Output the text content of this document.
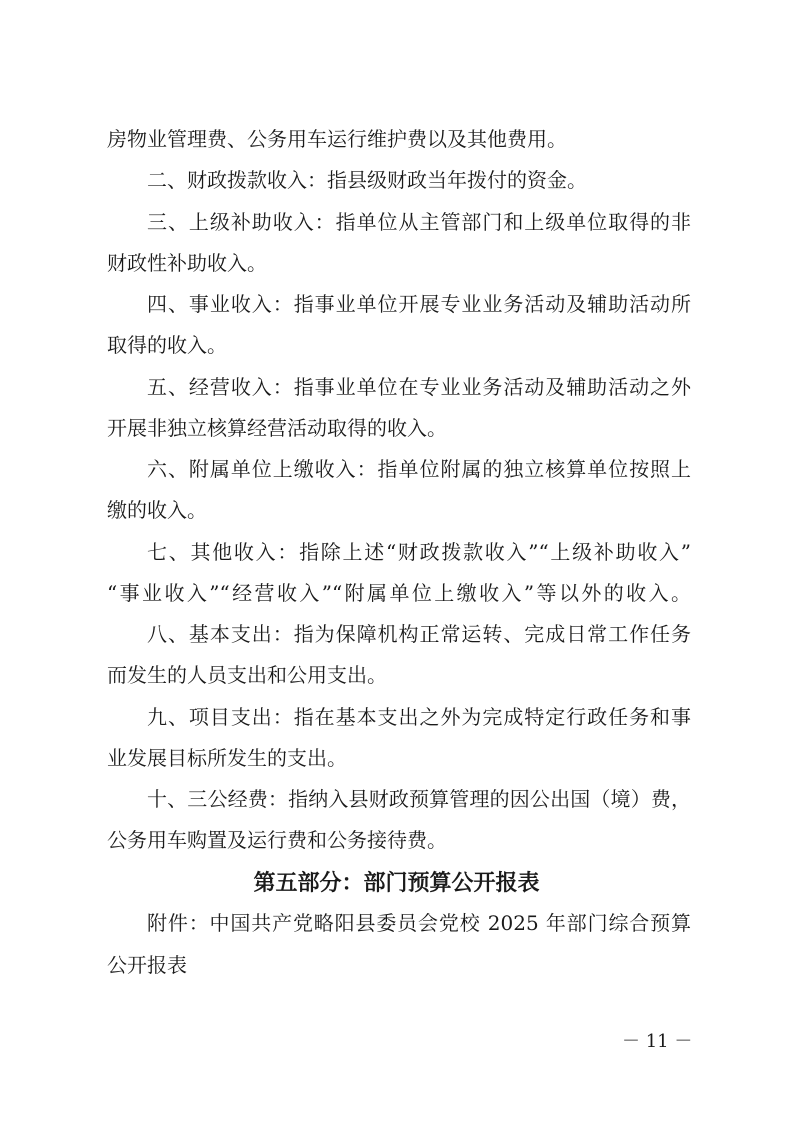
房物业管理费、公务用车运行维护费以及其他费用。
二、财政拨款收入：指县级财政当年拨付的资金。
三、上级补助收入：指单位从主管部门和上级单位取得的非
财政性补助收入。
四、事业收入：指事业单位开展专业业务活动及辅助活动所
取得的收入。
五、经营收入：指事业单位在专业业务活动及辅助活动之外
开展非独立核算经营活动取得的收入。
六、附属单位上缴收入：指单位附属的独立核算单位按照上
缴的收入。
七、其他收入：指除上述“财政拨款收入”“上级补助收入”
“事业收入”“经营收入”“附属单位上缴收入”等以外的收入。
八、基本支出：指为保障机构正常运转、完成日常工作任务
而发生的人员支出和公用支出。
九、项目支出：指在基本支出之外为完成特定行政任务和事
业发展目标所发生的支出。
十、三公经费：指纳入县财政预算管理的因公出国（境）费，
公务用车购置及运行费和公务接待费。
第五部分：部门预算公开报表
附件：中国共产党略阳县委员会党校 2025 年部门综合预算
公开报表
－ 11 －
